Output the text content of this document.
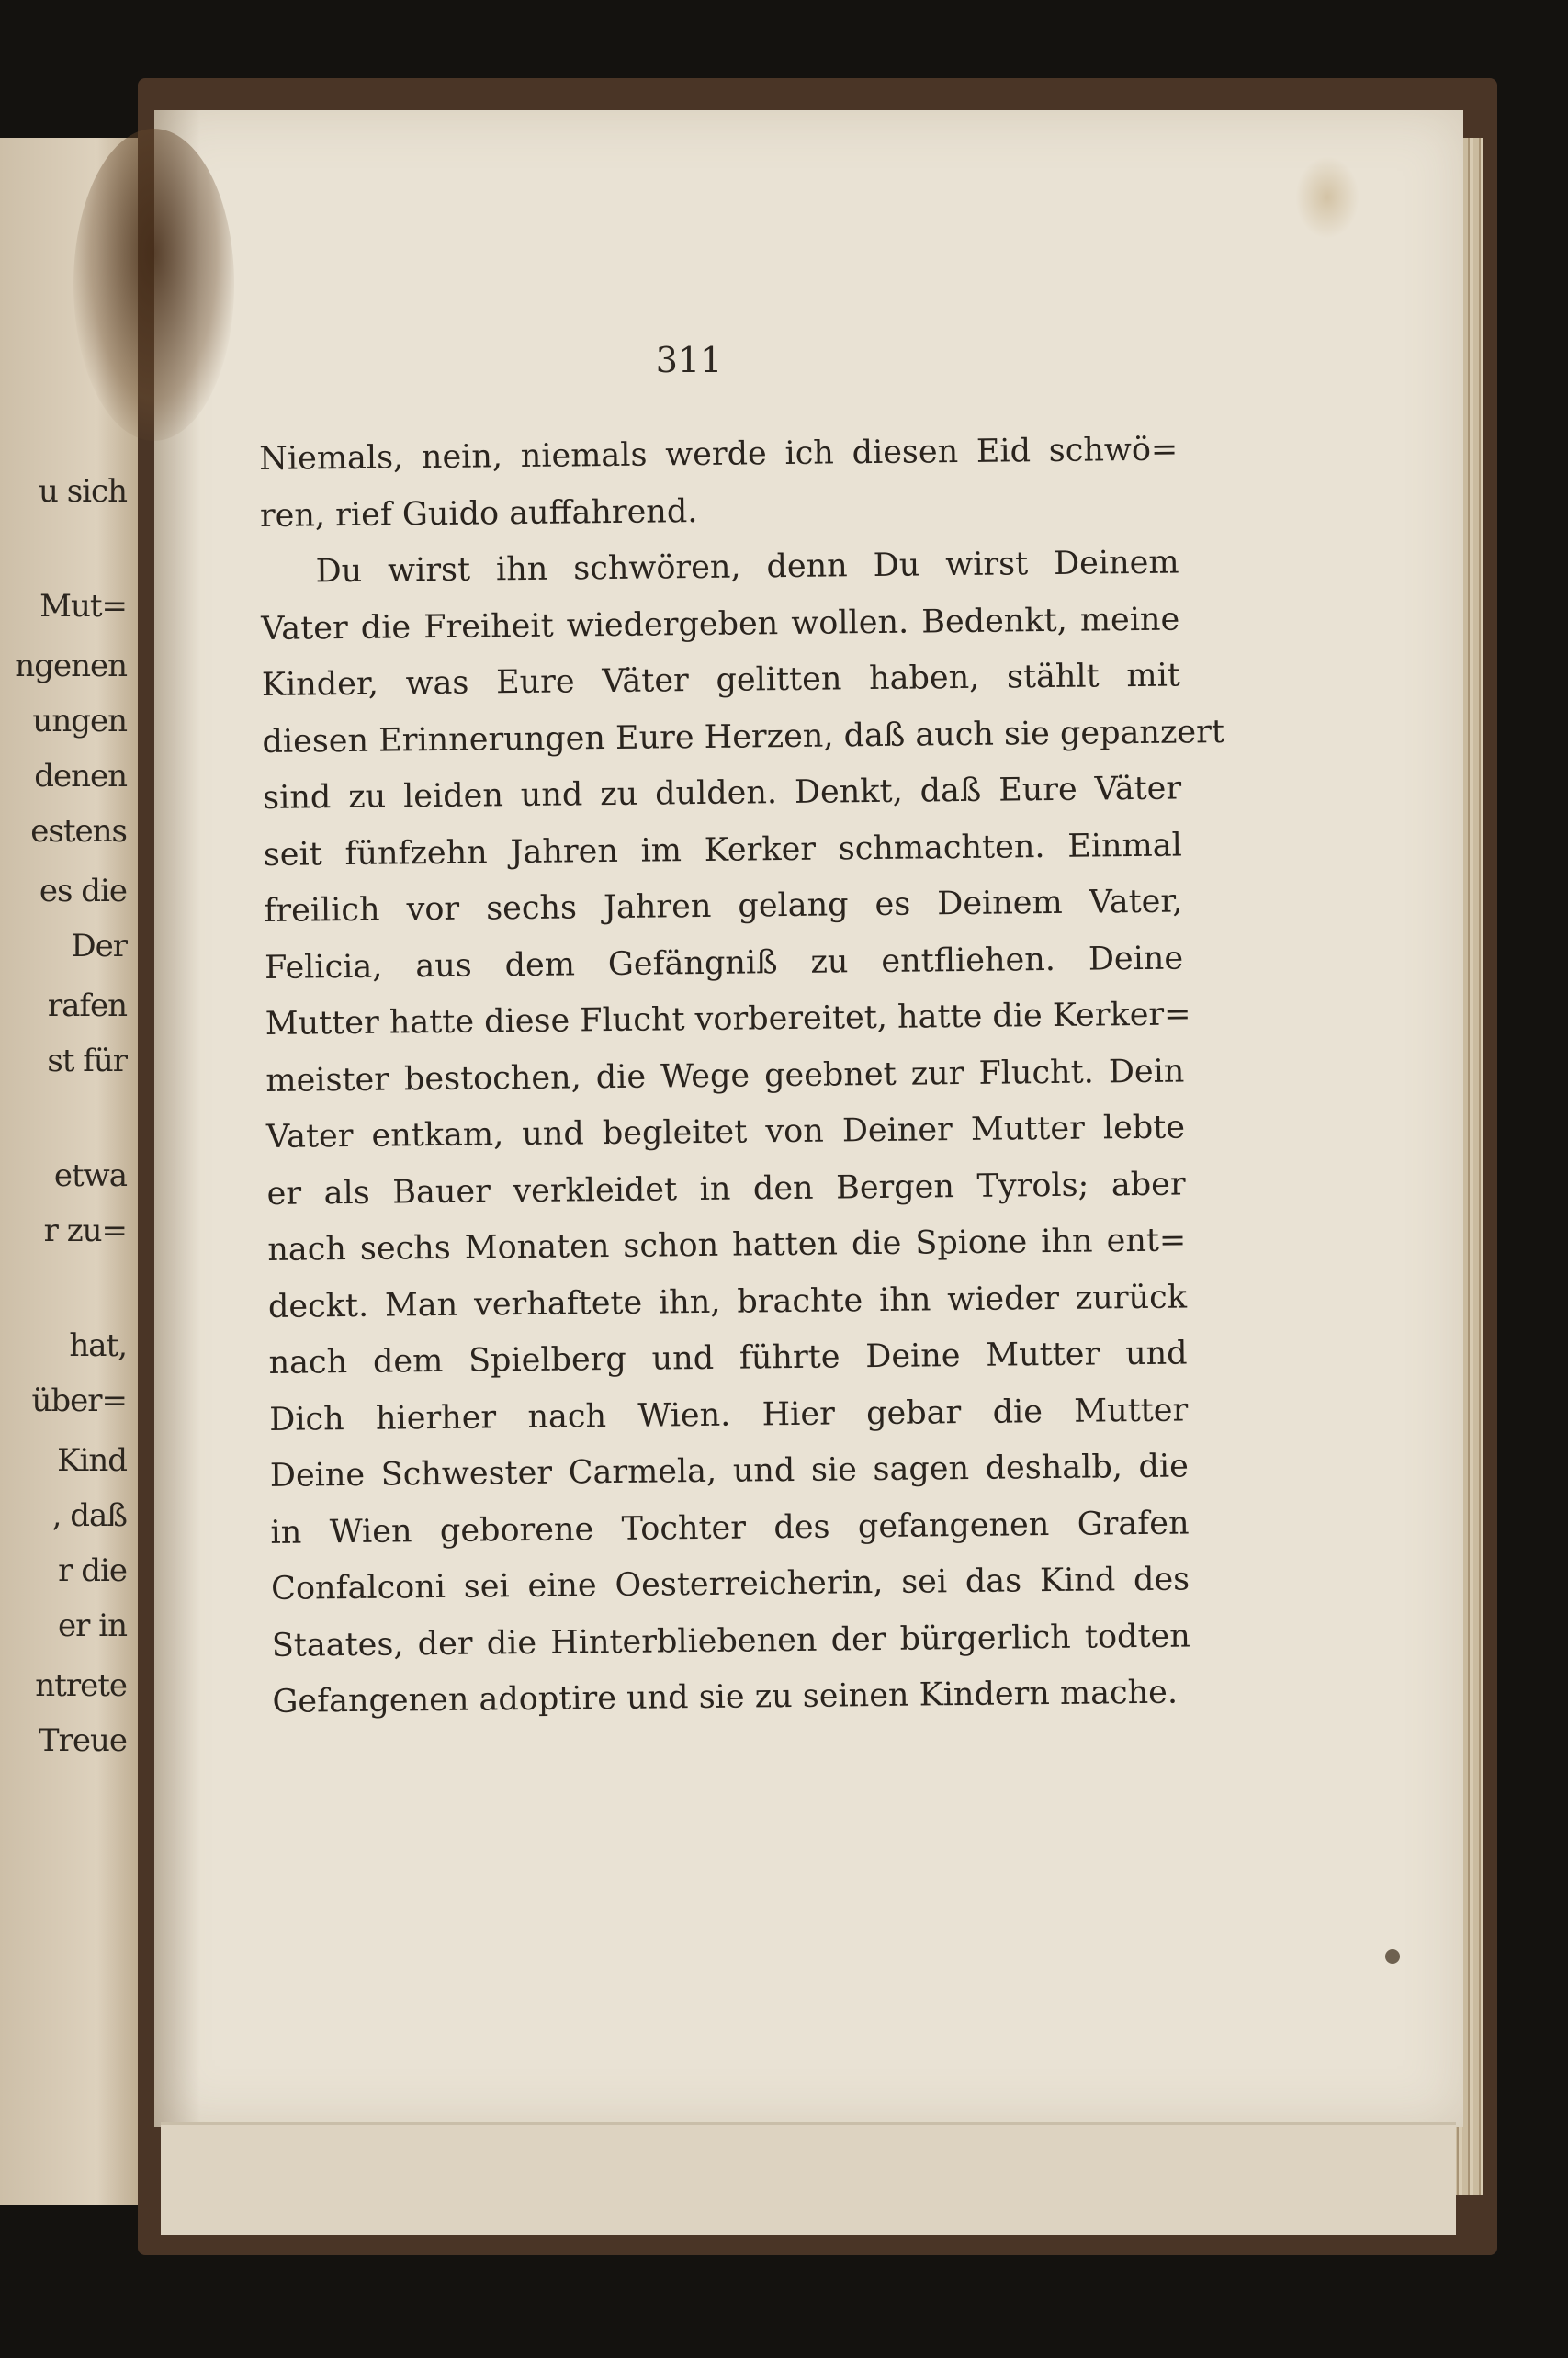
u sich
Mut=
ngenen
ungen
denen
estens
es die
Der
rafen
st für
etwa
r zu=
hat,
über=
Kind
, daß
r die
er in
ntrete
Treue
311
Niemals, nein, niemals werde ich diesen Eid schwö=
ren, rief Guido auffahrend.
Du wirst ihn schwören, denn Du wirst Deinem
Vater die Freiheit wiedergeben wollen. Bedenkt, meine
Kinder, was Eure Väter gelitten haben, stählt mit
diesen Erinnerungen Eure Herzen, daß auch sie gepanzert
sind zu leiden und zu dulden. Denkt, daß Eure Väter
seit fünfzehn Jahren im Kerker schmachten. Einmal
freilich vor sechs Jahren gelang es Deinem Vater,
Felicia, aus dem Gefängniß zu entfliehen. Deine
Mutter hatte diese Flucht vorbereitet, hatte die Kerker=
meister bestochen, die Wege geebnet zur Flucht. Dein
Vater entkam, und begleitet von Deiner Mutter lebte
er als Bauer verkleidet in den Bergen Tyrols; aber
nach sechs Monaten schon hatten die Spione ihn ent=
deckt. Man verhaftete ihn, brachte ihn wieder zurück
nach dem Spielberg und führte Deine Mutter und
Dich hierher nach Wien. Hier gebar die Mutter
Deine Schwester Carmela, und sie sagen deshalb, die
in Wien geborene Tochter des gefangenen Grafen
Confalconi sei eine Oesterreicherin, sei das Kind des
Staates, der die Hinterbliebenen der bürgerlich todten
Gefangenen adoptire und sie zu seinen Kindern mache.
